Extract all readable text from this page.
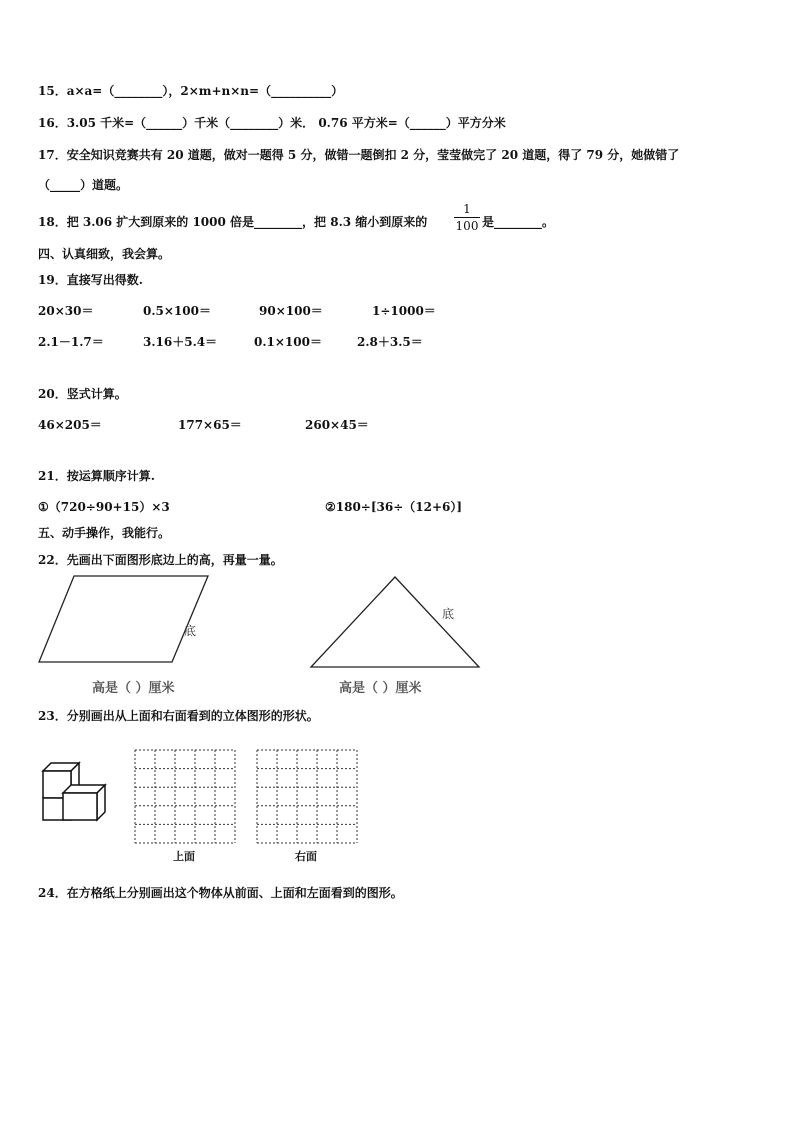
15．a×a=（________），2×m+n×n=（__________）
16．3.05 千米=（______）千米（________）米． 0.76 平方米=（______）平方分米
17．安全知识竞赛共有 20 道题，做对一题得 5 分，做错一题倒扣 2 分，莹莹做完了 20 道题，得了 79 分，她做错了
（_____）道题。
18．把 3.06 扩大到原来的 1000 倍是________，把 8.3 缩小到原来的
1
100 是________。
四、认真细致，我会算。
19．直接写出得数.
20×30＝	0.5×100＝	90×100＝	1÷1000＝
2.1－1.7＝	3.16＋5.4＝	0.1×100＝	2.8＋3.5＝
20．竖式计算。
46×205＝	177×65＝	260×45＝
21．按运算顺序计算.
①（720÷90+15）×3	②180÷[36÷（12+6）]
五、动手操作，我能行。
22．先画出下面图形底边上的高，再量一量。
底
高是（ ）厘米
底
高是（ ）厘米
23．分别画出从上面和右面看到的立体图形的形状。
上面	右面
24．在方格纸上分别画出这个物体从前面、上面和左面看到的图形。
